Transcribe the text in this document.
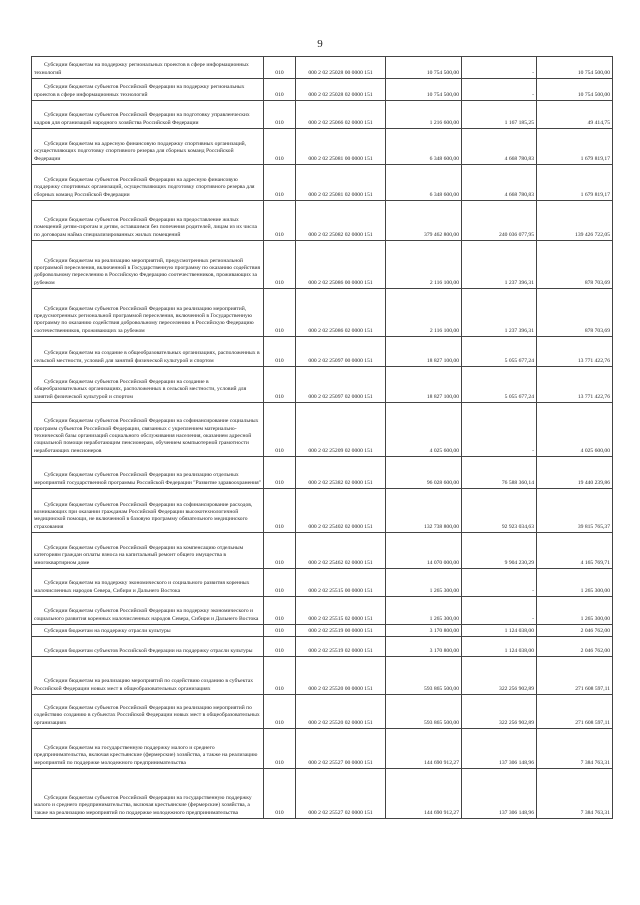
9
Субсидии бюджетам на поддержку региональных проектов в сфере информационных технологий	010	000 2 02 25028 00 0000 151	10 754 500,00	-	10 754 500,00

Субсидии бюджетам субъектов Российской Федерации на поддержку региональных проектов в сфере информационных технологий	010	000 2 02 25028 02 0000 151	10 754 500,00	-	10 754 500,00

Субсидии бюджетам субъектов Российской Федерации на подготовку управленческих кадров для организаций народного хозяйства Российской Федерации	010	000 2 02 25066 02 0000 151	1 216 600,00	1 167 185,25	49 414,75

Субсидии бюджетам на адресную финансовую поддержку спортивных организаций, осуществляющих подготовку спортивного резерва для сборных команд Российской Федерации	010	000 2 02 25081 00 0000 151	6 348 600,00	4 668 780,83	1 679 819,17

Субсидии бюджетам субъектов Российской Федерации на адресную финансовую поддержку спортивных организаций, осуществляющих подготовку спортивного резерва для сборных команд Российской Федерации	010	000 2 02 25081 02 0000 151	6 348 600,00	4 668 780,83	1 679 819,17

Субсидии бюджетам субъектов Российской Федерации на предоставление жилых помещений детям-сиротам и детям, оставшимся без попечения родителей, лицам из их числа по договорам найма специализированных жилых помещений	010	000 2 02 25082 02 0000 151	379 462 800,00	240 036 077,95	139 426 722,05

Субсидии бюджетам на реализацию мероприятий, предусмотренных региональной программой переселения, включенной в Государственную программу по оказанию содействия добровольному переселению в Российскую Федерацию соотечественников, проживающих за рубежом	010	000 2 02 25086 00 0000 151	2 116 100,00	1 237 396,31	878 703,69

Субсидии бюджетам субъектов Российской Федерации на реализацию мероприятий, предусмотренных региональной программой переселения, включенной в Государственную программу по оказанию содействия добровольному переселению в Российскую Федерацию соотечественников, проживающих за рубежом	010	000 2 02 25086 02 0000 151	2 116 100,00	1 237 396,31	878 703,69

Субсидии бюджетам на создание в общеобразовательных организациях, расположенных в сельской местности, условий для занятий физической культурой и спортом	010	000 2 02 25097 00 0000 151	18 827 100,00	5 055 677,24	13 771 422,76

Субсидии бюджетам субъектов Российской Федерации на создание в общеобразовательных организациях, расположенных в сельской местности, условий для занятий физической культурой и спортом	010	000 2 02 25097 02 0000 151	18 827 100,00	5 055 677,24	13 771 422,76

Субсидии бюджетам субъектов Российской Федерации на софинансирование социальных программ субъектов Российской Федерации, связанных с укреплением материально-технической базы организаций социального обслуживания населения, оказанием адресной социальной помощи неработающим пенсионерам, обучением компьютерной грамотности неработающих пенсионеров	010	000 2 02 25209 02 0000 151	4 025 600,00	-	4 025 600,00

Субсидии бюджетам субъектов Российской Федерации на реализацию отдельных мероприятий государственной программы Российской Федерации "Развитие здравоохранения"	010	000 2 02 25382 02 0000 151	96 028 600,00	76 588 360,14	19 440 239,86

Субсидии бюджетам субъектов Российской Федерации на софинансирование расходов, возникающих при оказании гражданам Российской Федерации высокотехнологичной медицинской помощи, не включенной в базовую программу обязательного медицинского страхования	010	000 2 02 25402 02 0000 151	132 738 800,00	92 923 034,63	39 815 765,37

Субсидии бюджетам субъектов Российской Федерации на компенсацию отдельным категориям граждан оплаты взноса на капитальный ремонт общего имущества в многоквартирном доме	010	000 2 02 25462 02 0000 151	14 070 000,00	9 904 230,29	4 165 769,71

Субсидии бюджетам на поддержку экономического и социального развития коренных малочисленных народов Севера, Сибири и Дальнего Востока	010	000 2 02 25515 00 0000 151	1 265 300,00	-	1 265 300,00

Субсидии бюджетам субъектов Российской Федерации на поддержку экономического и социального развития коренных малочисленных народов Севера, Сибири и Дальнего Востока	010	000 2 02 25515 02 0000 151	1 265 300,00	-	1 265 300,00

Субсидия бюджетам на поддержку отрасли культуры	010	000 2 02 25519 00 0000 151	3 170 800,00	1 124 038,00	2 046 762,00

Субсидия бюджетам субъектов Российской Федерации на поддержку отрасли культуры	010	000 2 02 25519 02 0000 151	3 170 800,00	1 124 038,00	2 046 762,00

Субсидии бюджетам на реализацию мероприятий по содействию созданию в субъектах Российской Федерации новых мест в общеобразовательных организациях	010	000 2 02 25520 00 0000 151	593 865 500,00	322 256 902,89	271 608 597,11

Субсидии бюджетам субъектов Российской Федерации на реализацию мероприятий по содействию созданию в субъектах Российской Федерации новых мест в общеобразовательных организациях	010	000 2 02 25520 02 0000 151	593 865 500,00	322 256 902,89	271 608 597,11

Субсидии бюджетам на государственную поддержку малого и среднего предпринимательства, включая крестьянские (фермерские) хозяйства, а также на реализацию мероприятий по поддержке молодежного предпринимательства	010	000 2 02 25527 00 0000 151	144 690 912,27	137 306 148,96	7 384 763,31

Субсидии бюджетам субъектов Российской Федерации на государственную поддержку малого и среднего предпринимательства, включая крестьянские (фермерские) хозяйства, а также на реализацию мероприятий по поддержке молодежного предпринимательства	010	000 2 02 25527 02 0000 151	144 690 912,27	137 306 148,96	7 384 763,31
